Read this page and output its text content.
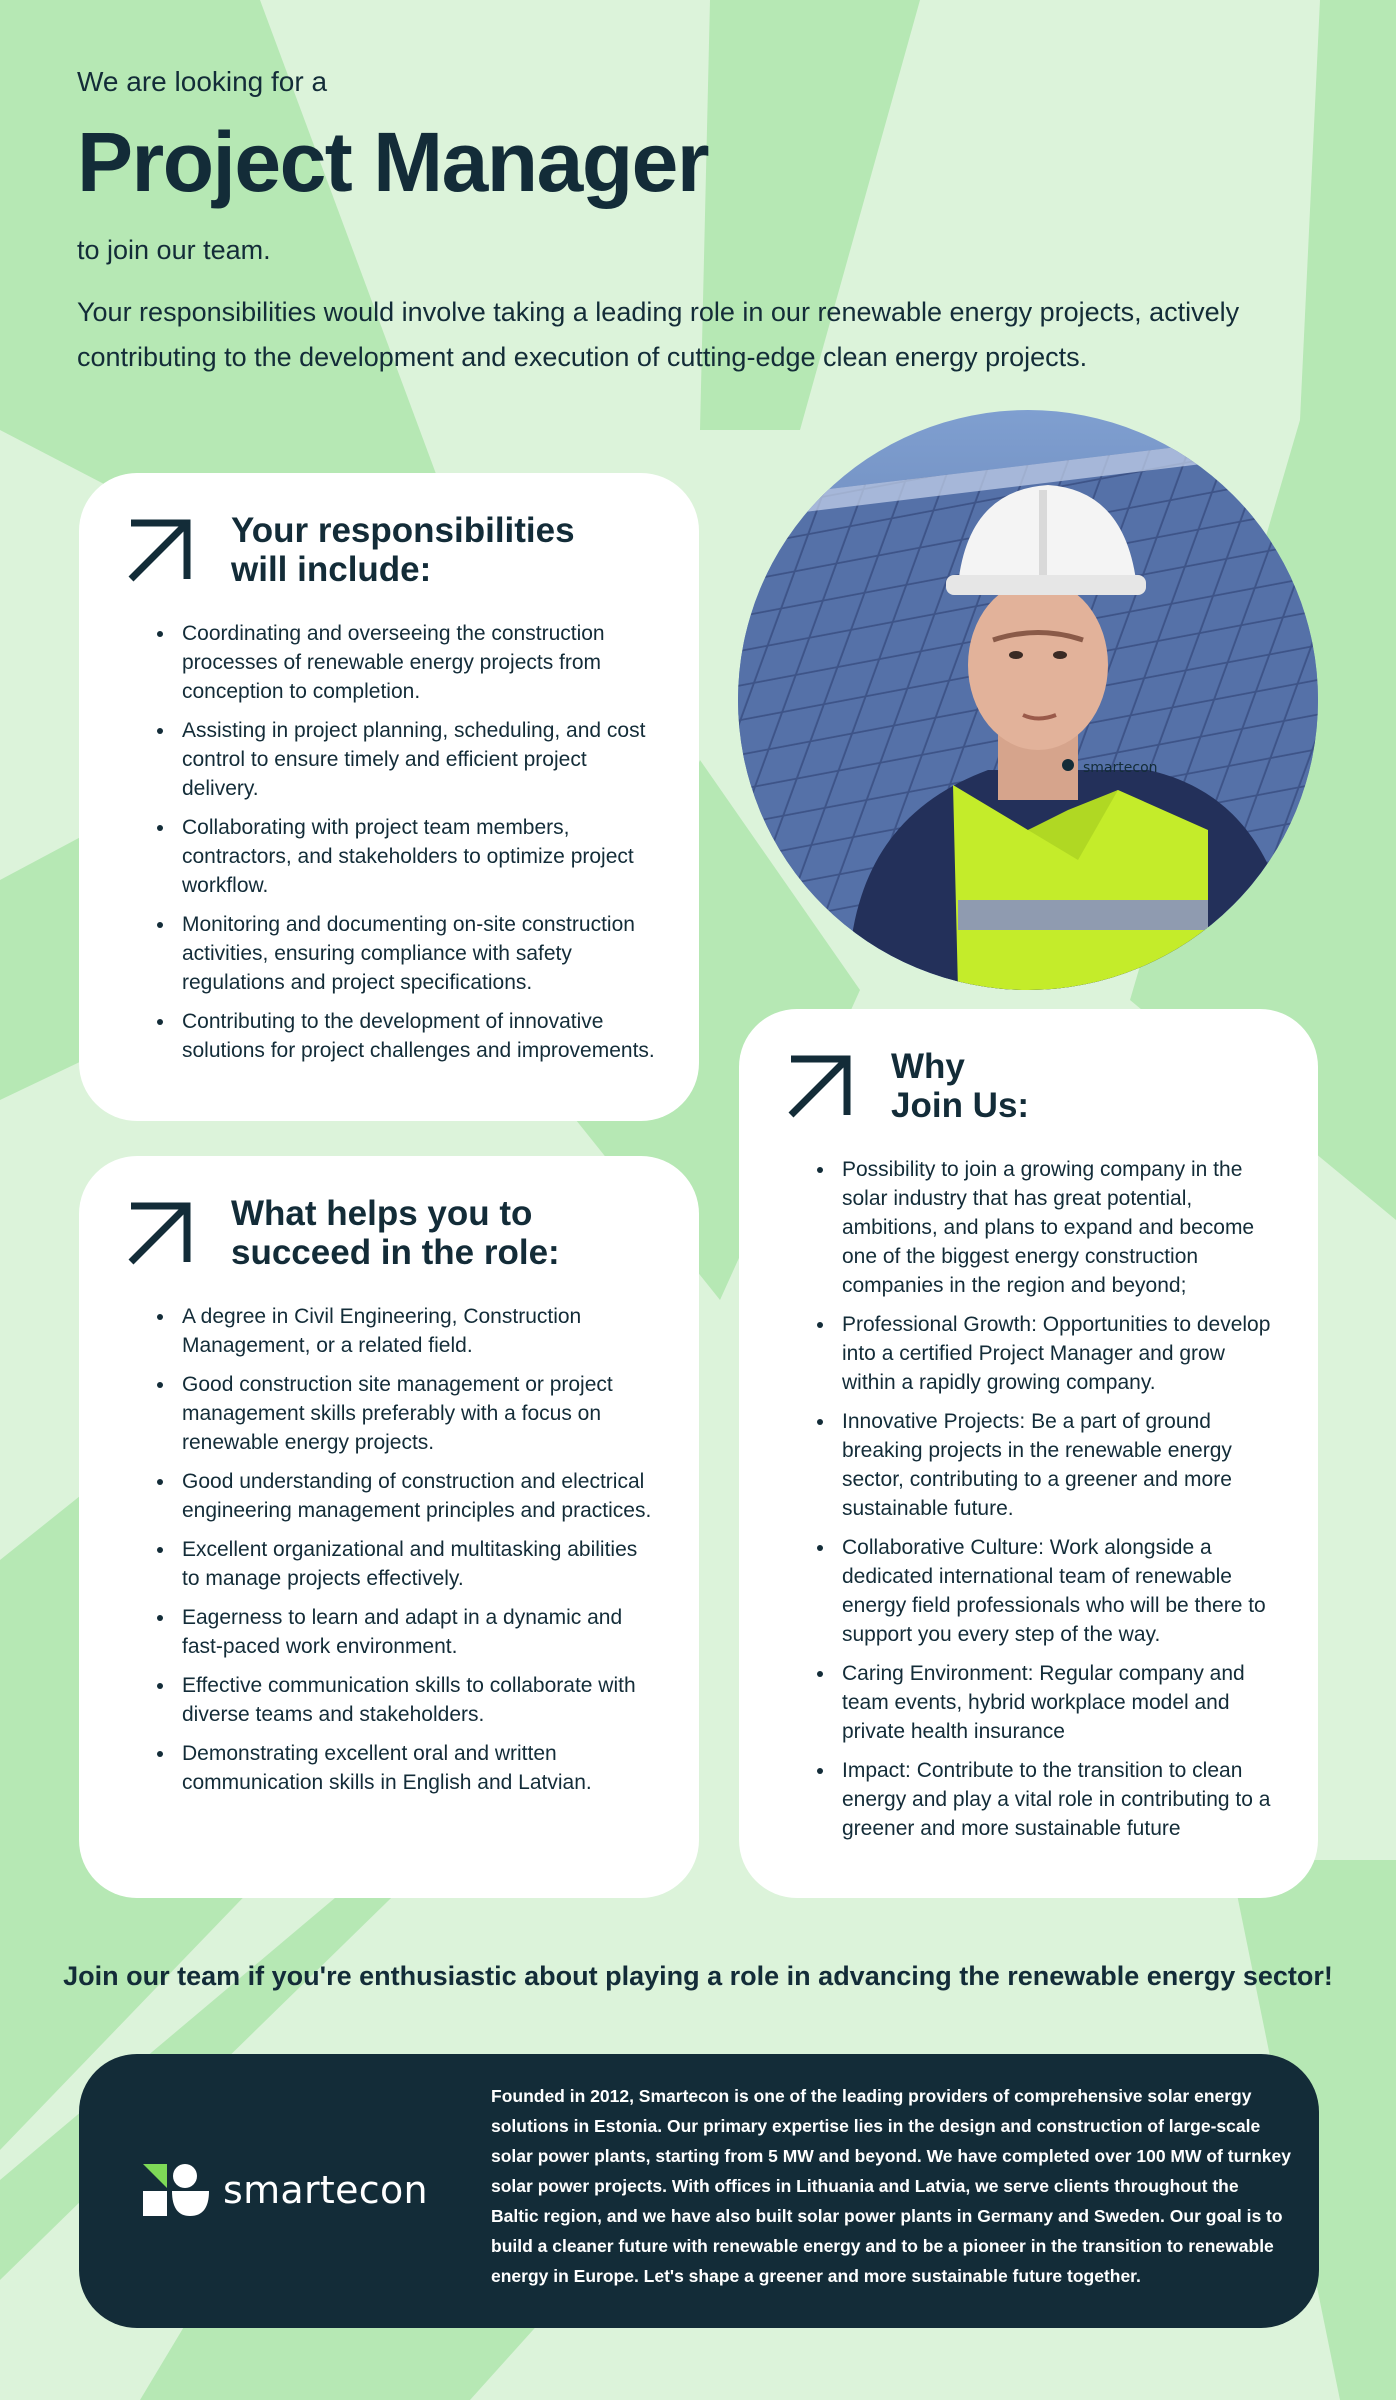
We are looking for a
Project Manager
to join our team.

Your responsibilities would involve taking a leading role in our renewable energy projects, actively contributing to the development and execution of cutting-edge clean energy projects.

Your responsibilities
will include:
Coordinating and overseeing the construction processes of renewable energy projects from conception to completion.
Assisting in project planning, scheduling, and cost control to ensure timely and efficient project delivery.
Collaborating with project team members, contractors, and stakeholders to optimize project workflow.
Monitoring and documenting on-site construction activities, ensuring compliance with safety regulations and project specifications.
Contributing to the development of innovative solutions for project challenges and improvements.
smartecon
Why
Join Us:
Possibility to join a growing company in the solar industry that has great potential, ambitions, and plans to expand and become one of the biggest energy construction companies in the region and beyond;
Professional Growth: Opportunities to develop into a certified Project Manager and grow within a rapidly growing company.
Innovative Projects: Be a part of ground breaking projects in the renewable energy sector, contributing to a greener and more sustainable future.
Collaborative Culture: Work alongside a dedicated international team of renewable energy field professionals who will be there to support you every step of the way.
Caring Environment: Regular company and team events, hybrid workplace model and private health insurance
Impact: Contribute to the transition to clean energy and play a vital role in contributing to a greener and more sustainable future
What helps you to
succeed in the role:
A degree in Civil Engineering, Construction Management, or a related field.
Good construction site management or project management skills preferably with a focus on renewable energy projects.
Good understanding of construction and electrical engineering management principles and practices.
Excellent organizational and multitasking abilities to manage projects effectively.
Eagerness to learn and adapt in a dynamic and fast-paced work environment.
Effective communication skills to collaborate with diverse teams and stakeholders.
Demonstrating excellent oral and written communication skills in English and Latvian.
Join our team if you're enthusiastic about playing a role in advancing the renewable energy sector!
smartecon

Founded in 2012, Smartecon is one of the leading providers of comprehensive solar energy solutions in Estonia. Our primary expertise lies in the design and construction of large-scale solar power plants, starting from 5 MW and beyond. We have completed over 100 MW of turnkey solar power projects. With offices in Lithuania and Latvia, we serve clients throughout the Baltic region, and we have also built solar power plants in Germany and Sweden. Our goal is to build a cleaner future with renewable energy and to be a pioneer in the transition to renewable energy in Europe. Let's shape a greener and more sustainable future together.
